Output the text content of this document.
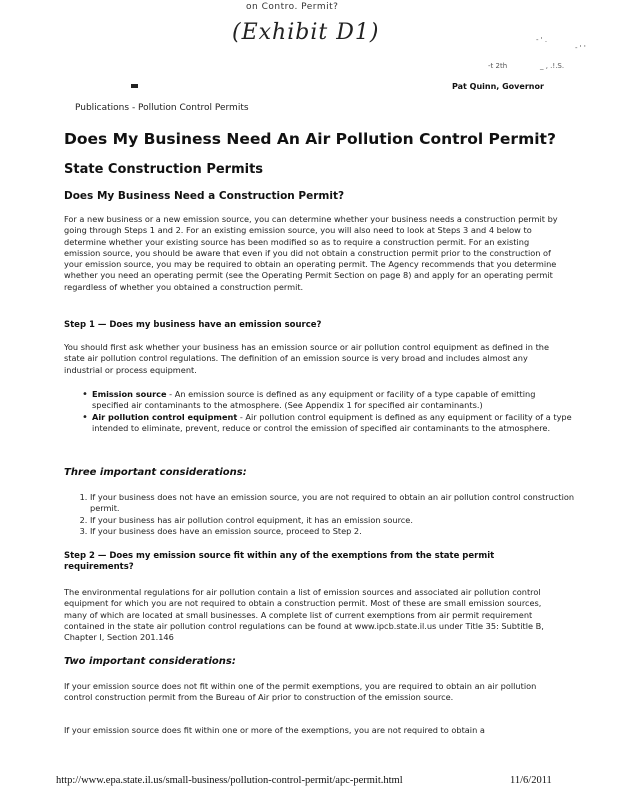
on Contro. Permit?
(Exhibit D1)	- ' .
- ' '
-t 2th	_ , .!.S.
Pat Quinn, Governor
Publications - Pollution Control Permits
Does My Business Need An Air Pollution Control Permit?
State Construction Permits
Does My Business Need a Construction Permit?

For a new business or a new emission source, you can determine whether your business needs a construction permit by going through Steps 1 and 2. For an existing emission source, you will also need to look at Steps 3 and 4 below to determine whether your existing source has been modified so as to require a construction permit. For an existing emission source, you should be aware that even if you did not obtain a construction permit prior to the construction of your emission source, you may be required to obtain an operating permit. The Agency recommends that you determine whether you need an operating permit (see the Operating Permit Section on page 8) and apply for an operating permit regardless of whether you obtained a construction permit.

Step 1 — Does my business have an emission source?

You should first ask whether your business has an emission source or air pollution control equipment as defined in the state air pollution control regulations. The definition of an emission source is very broad and includes almost any industrial or process equipment.

• Emission source - An emission source is defined as any equipment or facility of a type capable of emitting specified air contaminants to the atmosphere. (See Appendix 1 for specified air contaminants.)
• Air pollution control equipment - Air pollution control equipment is defined as any equipment or facility of a type intended to eliminate, prevent, reduce or control the emission of specified air contaminants to the atmosphere.
Three important considerations:
1. If your business does not have an emission source, you are not required to obtain an air pollution control construction permit.
2. If your business has air pollution control equipment, it has an emission source.
3. If your business does have an emission source, proceed to Step 2.
Step 2 — Does my emission source fit within any of the exemptions from the state permit requirements?

The environmental regulations for air pollution contain a list of emission sources and associated air pollution control equipment for which you are not required to obtain a construction permit. Most of these are small emission sources, many of which are located at small businesses. A complete list of current exemptions from air permit requirement contained in the state air pollution control regulations can be found at www.ipcb.state.il.us under Title 35: Subtitle B, Chapter I, Section 201.146

Two important considerations:

If your emission source does not fit within one of the permit exemptions, you are required to obtain an air pollution control construction permit from the Bureau of Air prior to construction of the emission source.

If your emission source does fit within one or more of the exemptions, you are not required to obtain a

http://www.epa.state.il.us/small-business/pollution-control-permit/apc-permit.html	11/6/2011
